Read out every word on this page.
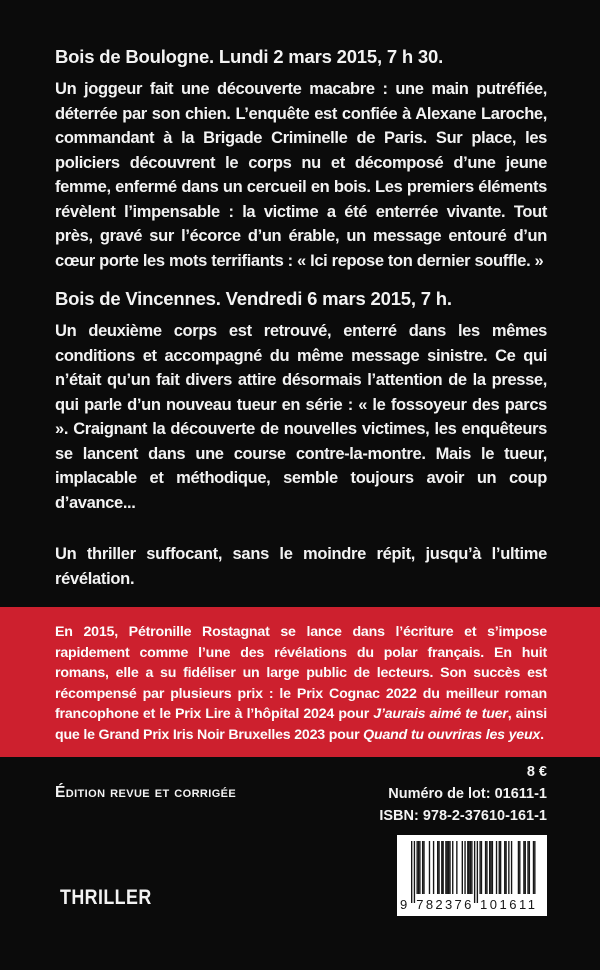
Bois de Boulogne. Lundi 2 mars 2015, 7 h 30.

Un joggeur fait une découverte macabre : une main putréfiée, déterrée par son chien. L’enquête est confiée à Alexane Laroche, commandant à la Brigade Criminelle de Paris. Sur place, les policiers découvrent le corps nu et décomposé d’une jeune femme, enfermé dans un cercueil en bois. Les premiers éléments révèlent l’impensable : la victime a été enterrée vivante. Tout près, gravé sur l’écorce d’un érable, un message entouré d’un cœur porte les mots terrifiants : « Ici repose ton dernier souffle. »

Bois de Vincennes. Vendredi 6 mars 2015, 7 h.

Un deuxième corps est retrouvé, enterré dans les mêmes conditions et accompagné du même message sinistre. Ce qui n’était qu’un fait divers attire désormais l’attention de la presse, qui parle d’un nouveau tueur en série : « le fossoyeur des parcs ». Craignant la découverte de nouvelles victimes, les enquêteurs se lancent dans une course contre-la-montre. Mais le tueur, implacable et méthodique, semble toujours avoir un coup d’avance...

Un thriller suffocant, sans le moindre répit, jusqu’à l’ultime révélation.

En 2015, Pétronille Rostagnat se lance dans l’écriture et s’impose rapidement comme l’une des révélations du polar français. En huit romans, elle a su fidéliser un large public de lecteurs. Son succès est récompensé par plusieurs prix : le Prix Cognac 2022 du meilleur roman francophone et le Prix Lire à l’hôpital 2024 pour J’aurais aimé te tuer, ainsi que le Grand Prix Iris Noir Bruxelles 2023 pour Quand tu ouvriras les yeux.

8 €
Édition revue et corrigée	Numéro de lot: 01611-1
ISBN: 978-2-37610-161-1
9 782376 101611
THRILLER
